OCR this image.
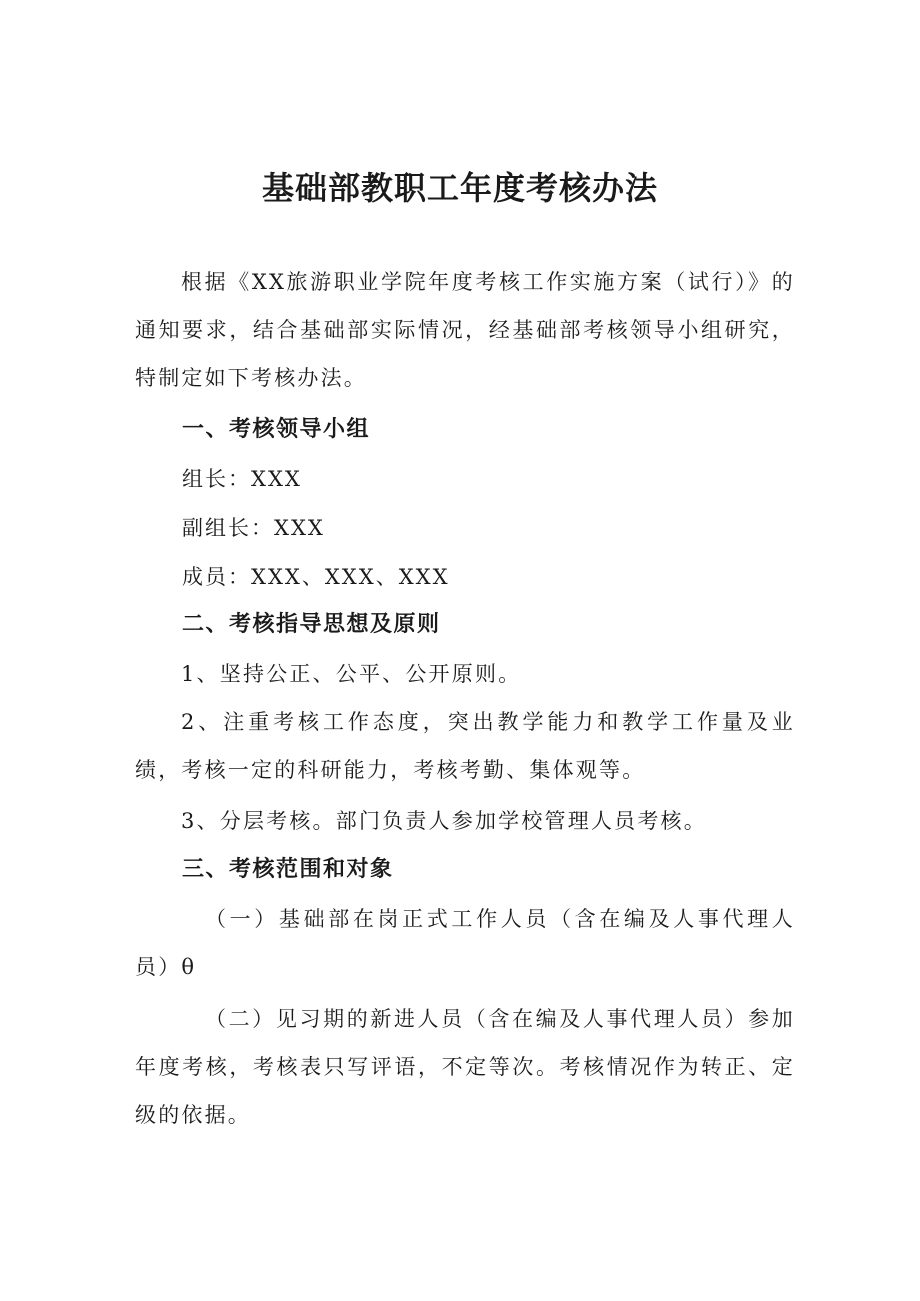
基础部教职工年度考核办法

根据《XX旅游职业学院年度考核工作实施方案（试行）》的通知要求，结合基础部实际情况，经基础部考核领导小组研究，特制定如下考核办法。

一、考核领导小组

组长：XXX

副组长：XXX

成员：XXX、XXX、XXX

二、考核指导思想及原则

1、坚持公正、公平、公开原则。

2、注重考核工作态度，突出教学能力和教学工作量及业绩，考核一定的科研能力，考核考勤、集体观等。

3、分层考核。部门负责人参加学校管理人员考核。

三、考核范围和对象

（一）基础部在岗正式工作人员（含在编及人事代理人员）θ

（二）见习期的新进人员（含在编及人事代理人员）参加年度考核，考核表只写评语，不定等次。考核情况作为转正、定级的依据。
